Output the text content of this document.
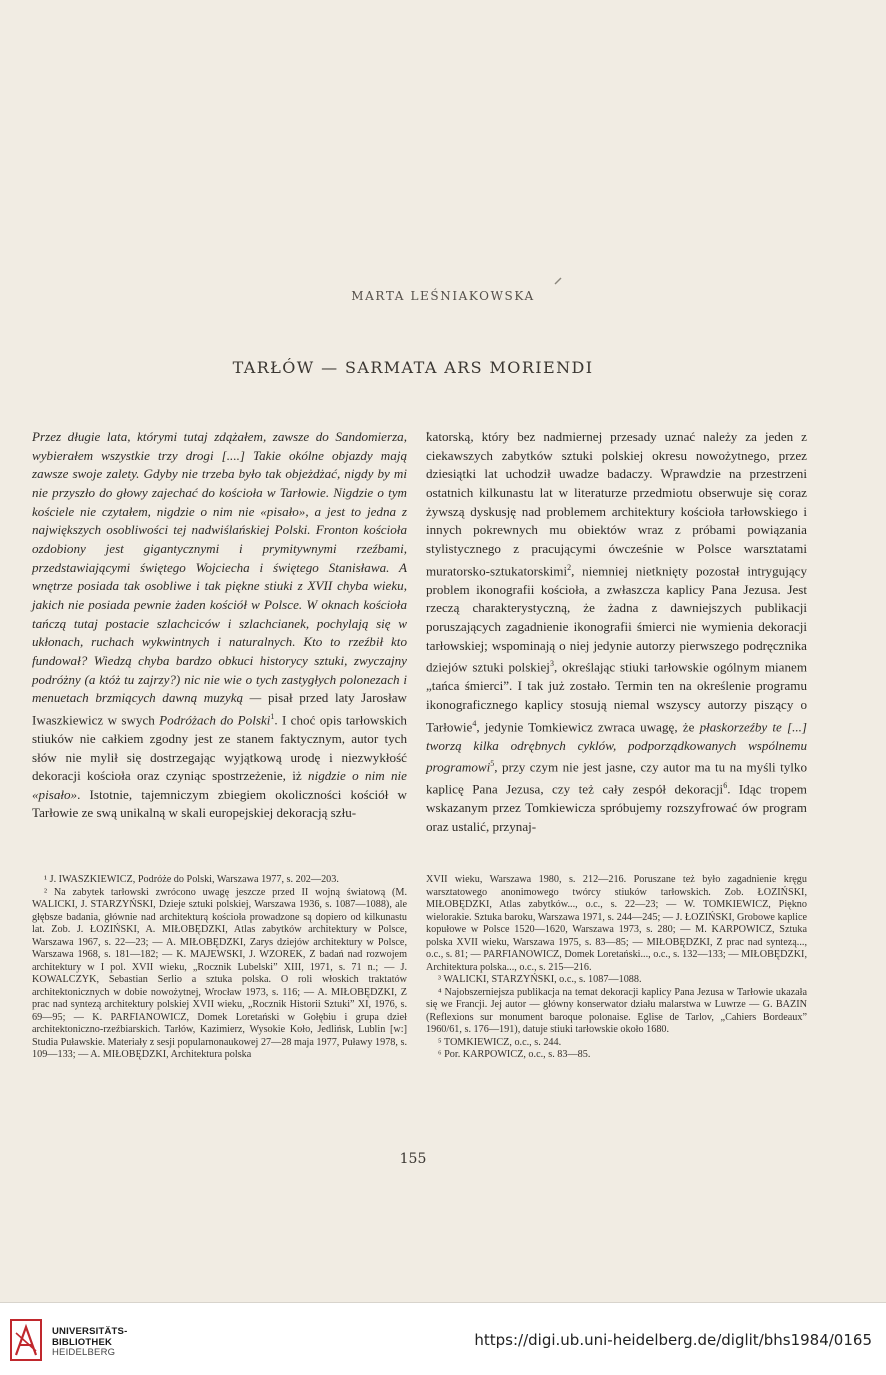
MARTA LEŚNIAKOWSKA
TARŁÓW — SARMATA ARS MORIENDI

Przez długie lata, którymi tutaj zdążałem, zawsze do Sandomierza, wybierałem wszystkie trzy drogi [....] Takie okólne objazdy mają zawsze swoje zalety. Gdyby nie trzeba było tak objeżdżać, nigdy by mi nie przyszło do głowy zajechać do kościoła w Tarłowie. Nigdzie o tym kościele nie czytałem, nigdzie o nim nie «pisało», a jest to jedna z największych osobliwości tej nadwiślańskiej Polski. Fronton kościoła ozdobiony jest gigantycznymi i prymitywnymi rzeźbami, przedstawiającymi świętego Wojciecha i świętego Stanisława. A wnętrze posiada tak osobliwe i tak piękne stiuki z XVII chyba wieku, jakich nie posiada pewnie żaden kościół w Polsce. W oknach kościoła tańczą tutaj postacie szlachciców i szlachcianek, pochylają się w ukłonach, ruchach wykwintnych i naturalnych. Kto to rzeźbił kto fundował? Wiedzą chyba bardzo obkuci historycy sztuki, zwyczajny podróżny (a któż tu zajrzy?) nic nie wie o tych zastygłych polonezach i menuetach brzmiących dawną muzyką — pisał przed laty Jarosław Iwaszkiewicz w swych Podróżach do Polski$^1$. I choć opis tarłowskich stiuków nie całkiem zgodny jest ze stanem faktycznym, autor tych słów nie mylił się dostrzegając wyjątkową urodę i niezwykłość dekoracji kościoła oraz czyniąc spostrzeżenie, iż nigdzie o nim nie «pisało». Istotnie, tajemniczym zbiegiem okoliczności kościół w Tarłowie ze swą unikalną w skali europejskiej dekoracją szłu-

katorską, który bez nadmiernej przesady uznać należy za jeden z ciekawszych zabytków sztuki polskiej okresu nowożytnego, przez dziesiątki lat uchodził uwadze badaczy. Wprawdzie na przestrzeni ostatnich kilkunastu lat w literaturze przedmiotu obserwuje się coraz żywszą dyskusję nad problemem architektury kościoła tarłowskiego i innych pokrewnych mu obiektów wraz z próbami powiązania stylistycznego z pracującymi ówcześnie w Polsce warsztatami muratorsko-sztukatorskimi$^2$, niemniej nietknięty pozostał intrygujący problem ikonografii kościoła, a zwłaszcza kaplicy Pana Jezusa. Jest rzeczą charakterystyczną, że żadna z dawniejszych publikacji poruszających zagadnienie ikonografii śmierci nie wymienia dekoracji tarłowskiej; wspominają o niej jedynie autorzy pierwszego podręcznika dziejów sztuki polskiej$^3$, określając stiuki tarłowskie ogólnym mianem „tańca śmierci”. I tak już zostało. Termin ten na określenie programu ikonograficznego kaplicy stosują niemal wszyscy autorzy piszący o Tarłowie$^4$, jedynie Tomkiewicz zwraca uwagę, że płaskorzeźby te [...] tworzą kilka odrębnych cyklów, podporządkowanych wspólnemu programowi$^5$, przy czym nie jest jasne, czy autor ma tu na myśli tylko kaplicę Pana Jezusa, czy też cały zespół dekoracji$^6$. Idąc tropem wskazanym przez Tomkiewicza spróbujemy rozszyfrować ów program oraz ustalić, przynaj-

¹ J. IWASZKIEWICZ, Podróże do Polski, Warszawa 1977, s. 202—203.

² Na zabytek tarłowski zwrócono uwagę jeszcze przed II wojną światową (M. WALICKI, J. STARZYŃSKI, Dzieje sztuki polskiej, Warszawa 1936, s. 1087—1088), ale głębsze badania, głównie nad architekturą kościoła prowadzone są dopiero od kilkunastu lat. Zob. J. ŁOZIŃSKI, A. MIŁOBĘDZKI, Atlas zabytków architektury w Polsce, Warszawa 1967, s. 22—23; — A. MIŁOBĘDZKI, Zarys dziejów architektury w Polsce, Warszawa 1968, s. 181—182; — K. MAJEWSKI, J. WZOREK, Z badań nad rozwojem architektury w I pol. XVII wieku, „Rocznik Lubelski” XIII, 1971, s. 71 n.; — J. KOWALCZYK, Sebastian Serlio a sztuka polska. O roli włoskich traktatów architektonicznych w dobie nowożytnej, Wrocław 1973, s. 116; — A. MIŁOBĘDZKI, Z prac nad syntezą architektury polskiej XVII wieku, „Rocznik Historii Sztuki” XI, 1976, s. 69—95; — K. PARFIANOWICZ, Domek Loretański w Gołębiu i grupa dzieł architektoniczno-rzeźbiarskich. Tarłów, Kazimierz, Wysokie Koło, Jedlińsk, Lublin [w:] Studia Puławskie. Materiały z sesji popularnonaukowej 27—28 maja 1977, Puławy 1978, s. 109—133; — A. MIŁOBĘDZKI, Architektura polska

XVII wieku, Warszawa 1980, s. 212—216. Poruszane też było zagadnienie kręgu warsztatowego anonimowego twórcy stiuków tarłowskich. Zob. ŁOZIŃSKI, MIŁOBĘDZKI, Atlas zabytków..., o.c., s. 22—23; — W. TOMKIEWICZ, Piękno wielorakie. Sztuka baroku, Warszawa 1971, s. 244—245; — J. ŁOZIŃSKI, Grobowe kaplice kopułowe w Polsce 1520—1620, Warszawa 1973, s. 280; — M. KARPOWICZ, Sztuka polska XVII wieku, Warszawa 1975, s. 83—85; — MIŁOBĘDZKI, Z prac nad syntezą..., o.c., s. 81; — PARFIANOWICZ, Domek Loretański..., o.c., s. 132—133; — MIŁOBĘDZKI, Architektura polska..., o.c., s. 215—216.

³ WALICKI, STARZYŃSKI, o.c., s. 1087—1088.

⁴ Najobszerniejsza publikacja na temat dekoracji kaplicy Pana Jezusa w Tarłowie ukazała się we Francji. Jej autor — główny konserwator działu malarstwa w Luwrze — G. BAZIN (Reflexions sur monument baroque polonaise. Eglise de Tarlov, „Cahiers Bordeaux” 1960/61, s. 176—191), datuje stiuki tarłowskie około 1680.

⁵ TOMKIEWICZ, o.c., s. 244.

⁶ Por. KARPOWICZ, o.c., s. 83—85.

155
UNIVERSITÄTS-
BIBLIOTHEK
HEIDELBERG
https://digi.ub.uni-heidelberg.de/diglit/bhs1984/0165
